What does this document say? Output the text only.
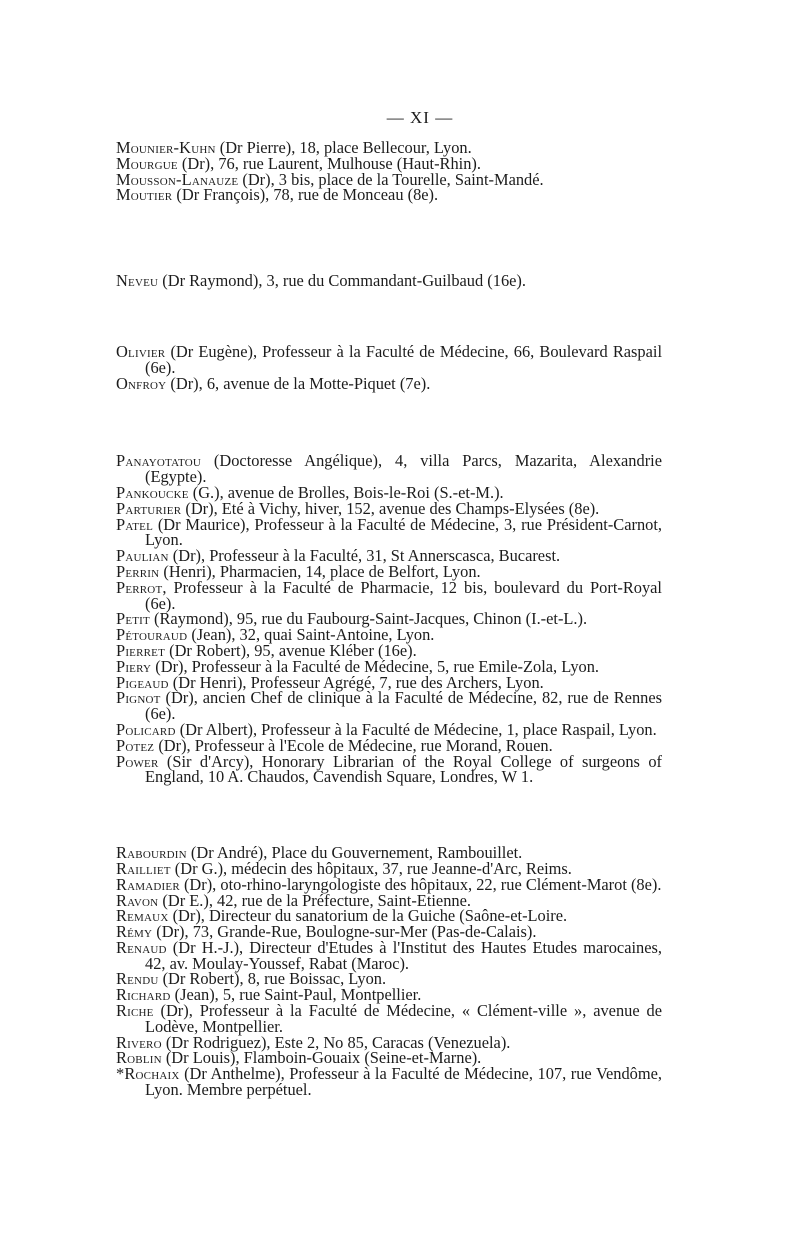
— XI —

Mounier-Kuhn (Dr Pierre), 18, place Bellecour, Lyon.

Mourgue (Dr), 76, rue Laurent, Mulhouse (Haut-Rhin).

Mousson-Lanauze (Dr), 3 bis, place de la Tourelle, Saint-Mandé.

Moutier (Dr François), 78, rue de Monceau (8e).

Neveu (Dr Raymond), 3, rue du Commandant-Guilbaud (16e).

Olivier (Dr Eugène), Professeur à la Faculté de Médecine, 66, Boulevard Raspail (6e).

Onfroy (Dr), 6, avenue de la Motte-Piquet (7e).

Panayotatou (Doctoresse Angélique), 4, villa Parcs, Mazarita, Alexandrie (Egypte).

Pankoucke (G.), avenue de Brolles, Bois-le-Roi (S.-et-M.).

Parturier (Dr), Eté à Vichy, hiver, 152, avenue des Champs-Elysées (8e).

Patel (Dr Maurice), Professeur à la Faculté de Médecine, 3, rue Président-Carnot, Lyon.

Paulian (Dr), Professeur à la Faculté, 31, St Annerscasca, Bucarest.

Perrin (Henri), Pharmacien, 14, place de Belfort, Lyon.

Perrot, Professeur à la Faculté de Pharmacie, 12 bis, boulevard du Port-Royal (6e).

Petit (Raymond), 95, rue du Faubourg-Saint-Jacques, Chinon (I.-et-L.).

Pétouraud (Jean), 32, quai Saint-Antoine, Lyon.

Pierret (Dr Robert), 95, avenue Kléber (16e).

Piery (Dr), Professeur à la Faculté de Médecine, 5, rue Emile-Zola, Lyon.

Pigeaud (Dr Henri), Professeur Agrégé, 7, rue des Archers, Lyon.

Pignot (Dr), ancien Chef de clinique à la Faculté de Médecine, 82, rue de Rennes (6e).

Policard (Dr Albert), Professeur à la Faculté de Médecine, 1, place Raspail, Lyon.

Potez (Dr), Professeur à l'Ecole de Médecine, rue Morand, Rouen.

Power (Sir d'Arcy), Honorary Librarian of the Royal College of surgeons of England, 10 A. Chaudos, Cavendish Square, Londres, W 1.

Rabourdin (Dr André), Place du Gouvernement, Rambouillet.

Railliet (Dr G.), médecin des hôpitaux, 37, rue Jeanne-d'Arc, Reims.

Ramadier (Dr), oto-rhino-laryngologiste des hôpitaux, 22, rue Clément-Marot (8e).

Ravon (Dr E.), 42, rue de la Préfecture, Saint-Etienne.

Remaux (Dr), Directeur du sanatorium de la Guiche (Saône-et-Loire.

Rémy (Dr), 73, Grande-Rue, Boulogne-sur-Mer (Pas-de-Calais).

Renaud (Dr H.-J.), Directeur d'Etudes à l'Institut des Hautes Etudes marocaines, 42, av. Moulay-Youssef, Rabat (Maroc).

Rendu (Dr Robert), 8, rue Boissac, Lyon.

Richard (Jean), 5, rue Saint-Paul, Montpellier.

Riche (Dr), Professeur à la Faculté de Médecine, « Clément-ville », avenue de Lodève, Montpellier.

Rivero (Dr Rodriguez), Este 2, No 85, Caracas (Venezuela).

Roblin (Dr Louis), Flamboin-Gouaix (Seine-et-Marne).

*Rochaix (Dr Anthelme), Professeur à la Faculté de Médecine, 107, rue Vendôme, Lyon. Membre perpétuel.
